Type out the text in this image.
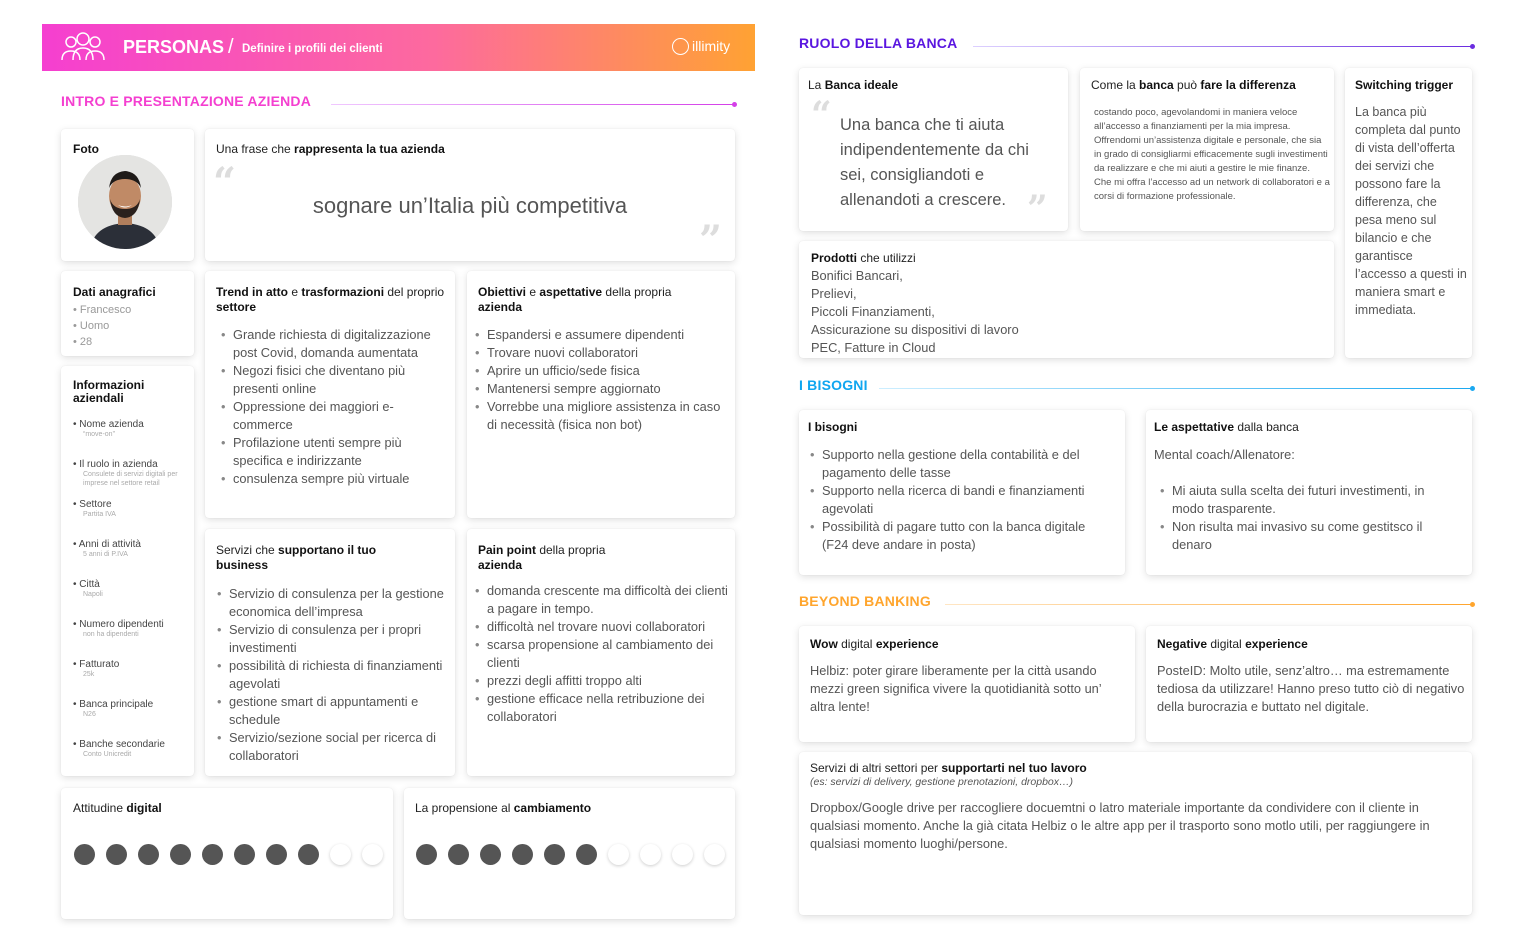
PERSONAS / Definire i profili dei clienti	illimity
INTRO E PRESENTAZIONE AZIENDA
RUOLO DELLA BANCA
I BISOGNI
BEYOND BANKING
Foto	Una frase che rappresenta la tua azienda
“	sognare un’Italia più competitiva
”
Dati anagrafici
• Francesco
• Uomo
• 28
Informazioni aziendali
• Nome azienda
“move-on”
• Il ruolo in azienda
Consulete di servizi digitali per imprese nel settore retail
• Settore
Partita IVA
• Anni di attività
5 anni di P.IVA
• Città
Napoli
• Numero dipendenti
non ha dipendenti
• Fatturato
25k
• Banca principale
N26
• Banche secondarie
Conto Unicredit
Trend in atto e trasformazioni del proprio settore
• Grande richiesta di digitalizzazione post Covid, domanda aumentata
• Negozi fisici che diventano più presenti online
• Oppressione dei maggiori e-commerce
• Profilazione utenti sempre più specifica e indirizzante
• consulenza sempre più virtuale
Obiettivi e aspettative della propria azienda
• Espandersi e assumere dipendenti
• Trovare nuovi collaboratori
• Aprire un ufficio/sede fisica
• Mantenersi sempre aggiornato
• Vorrebbe una migliore assistenza in caso di necessità (fisica non bot)
Servizi che supportano il tuo business
• Servizio di consulenza per la gestione economica dell’impresa
• Servizio di consulenza per i propri investimenti
• possibilità di richiesta di finanziamenti agevolati
• gestione smart di appuntamenti e schedule
• Servizio/sezione social per ricerca di collaboratori
Pain point della propria azienda
• domanda crescente ma difficoltà dei clienti a pagare in tempo.
• difficoltà nel trovare nuovi collaboratori
• scarsa propensione al cambiamento dei clienti
• prezzi degli affitti troppo alti
• gestione efficace nella retribuzione dei collaboratori
Attitudine digital	La propensione al cambiamento
La Banca ideale
“ Una banca che ti aiuta indipendentemente da chi sei, consigliandoti e allenandoti a crescere. ”
Come la banca può fare la differenza
costando poco, agevolandomi in maniera veloce all’accesso a finanziamenti per la mia impresa. Offrendomi un’assistenza digitale e personale, che sia in grado di consigliarmi efficacemente sugli investimenti da realizzare e che mi aiuti a gestire le mie finanze. Che mi offra l’accesso ad un network di collaboratori e a corsi di formazione professionale.
Switching trigger
La banca più completa dal punto di vista dell’offerta dei servizi che possono fare la differenza, che pesa meno sul bilancio e che garantisce l’accesso a questi in maniera smart e immediata.
Prodotti che utilizzi
Bonifici Bancari,
Prelievi,
Piccoli Finanziamenti,
Assicurazione su dispositivi di lavoro
PEC, Fatture in Cloud
I bisogni
• Supporto nella gestione della contabilità e del pagamento delle tasse
• Supporto nella ricerca di bandi e finanziamenti agevolati
• Possibilità di pagare tutto con la banca digitale (F24 deve andare in posta)
Le aspettative dalla banca
Mental coach/Allenatore:
• Mi aiuta sulla scelta dei futuri investimenti, in modo trasparente.
• Non risulta mai invasivo su come gestitsco il denaro
Wow digital experience
Helbiz: poter girare liberamente per la città usando mezzi green significa vivere la quotidianità sotto un’ altra lente!
Negative digital experience
PosteID: Molto utile, senz’altro… ma estremamente tediosa da utilizzare! Hanno preso tutto ciò di negativo della burocrazia e buttato nel digitale.
Servizi di altri settori per supportarti nel tuo lavoro
(es: servizi di delivery, gestione prenotazioni, dropbox…)
Dropbox/Google drive per raccogliere docuemtni o latro materiale importante da condividere con il cliente in qualsiasi momento. Anche la già citata Helbiz o le altre app per il trasporto sono motlo utili, per raggiungere in qualsiasi momento luoghi/persone.
